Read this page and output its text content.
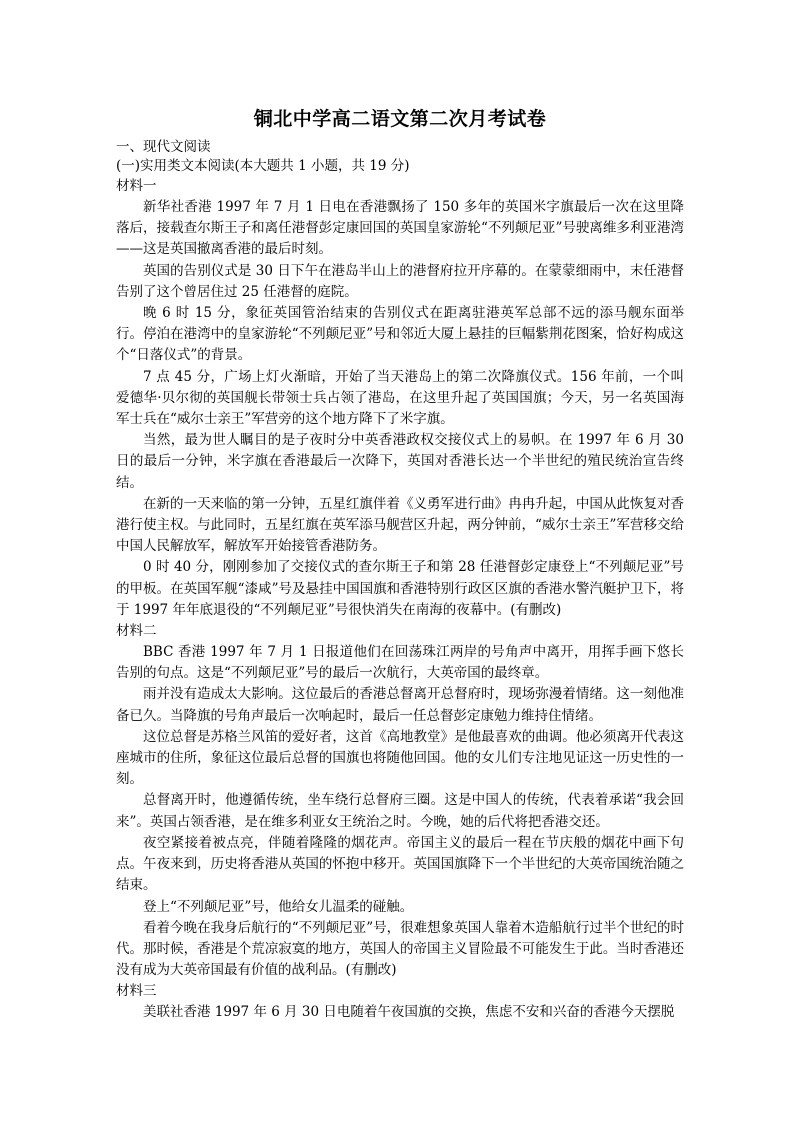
铜北中学高二语文第二次月考试卷

一、现代文阅读

(一)实用类文本阅读(本大题共 1 小题，共 19 分)

材料一

新华社香港 1997 年 7 月 1 日电在香港飘扬了 150 多年的英国米字旗最后一次在这里降落后，接载查尔斯王子和离任港督彭定康回国的英国皇家游轮“不列颠尼亚”号驶离维多利亚港湾——这是英国撤离香港的最后时刻。

英国的告别仪式是 30 日下午在港岛半山上的港督府拉开序幕的。在蒙蒙细雨中，末任港督告别了这个曾居住过 25 任港督的庭院。

晚 6 时 15 分，象征英国管治结束的告别仪式在距离驻港英军总部不远的添马舰东面举行。停泊在港湾中的皇家游轮“不列颠尼亚”号和邻近大厦上悬挂的巨幅紫荆花图案，恰好构成这个“日落仪式”的背景。

7 点 45 分，广场上灯火渐暗，开始了当天港岛上的第二次降旗仪式。156 年前，一个叫爱德华·贝尔彻的英国舰长带领士兵占领了港岛，在这里升起了英国国旗；今天，另一名英国海军士兵在“威尔士亲王”军营旁的这个地方降下了米字旗。

当然，最为世人瞩目的是子夜时分中英香港政权交接仪式上的易帜。在 1997 年 6 月 30 日的最后一分钟，米字旗在香港最后一次降下，英国对香港长达一个半世纪的殖民统治宣告终结。

在新的一天来临的第一分钟，五星红旗伴着《义勇军进行曲》冉冉升起，中国从此恢复对香港行使主权。与此同时，五星红旗在英军添马舰营区升起，两分钟前，“威尔士亲王”军营移交给中国人民解放军，解放军开始接管香港防务。

0 时 40 分，刚刚参加了交接仪式的查尔斯王子和第 28 任港督彭定康登上“不列颠尼亚”号的甲板。在英国军舰“漆咸”号及悬挂中国国旗和香港特别行政区区旗的香港水警汽艇护卫下，将于 1997 年年底退役的“不列颠尼亚”号很快消失在南海的夜幕中。(有删改)

材料二

BBC 香港 1997 年 7 月 1 日报道他们在回荡珠江两岸的号角声中离开，用挥手画下悠长告别的句点。这是“不列颠尼亚”号的最后一次航行，大英帝国的最终章。

雨并没有造成太大影响。这位最后的香港总督离开总督府时，现场弥漫着情绪。这一刻他准备已久。当降旗的号角声最后一次响起时，最后一任总督彭定康勉力维持住情绪。

这位总督是苏格兰风笛的爱好者，这首《高地教堂》是他最喜欢的曲调。他必须离开代表这座城市的住所，象征这位最后总督的国旗也将随他回国。他的女儿们专注地见证这一历史性的一刻。

总督离开时，他遵循传统，坐车绕行总督府三圈。这是中国人的传统，代表着承诺“我会回来”。英国占领香港，是在维多利亚女王统治之时。今晚，她的后代将把香港交还。

夜空紧接着被点亮，伴随着隆隆的烟花声。帝国主义的最后一程在节庆般的烟花中画下句点。午夜来到，历史将香港从英国的怀抱中移开。英国国旗降下一个半世纪的大英帝国统治随之结束。

登上“不列颠尼亚”号，他给女儿温柔的碰触。

看着今晚在我身后航行的“不列颠尼亚”号，很难想象英国人靠着木造船航行过半个世纪的时代。那时候，香港是个荒凉寂寞的地方，英国人的帝国主义冒险最不可能发生于此。当时香港还没有成为大英帝国最有价值的战利品。(有删改)

材料三

美联社香港 1997 年 6 月 30 日电随着午夜国旗的交换，焦虑不安和兴奋的香港今天摆脱
